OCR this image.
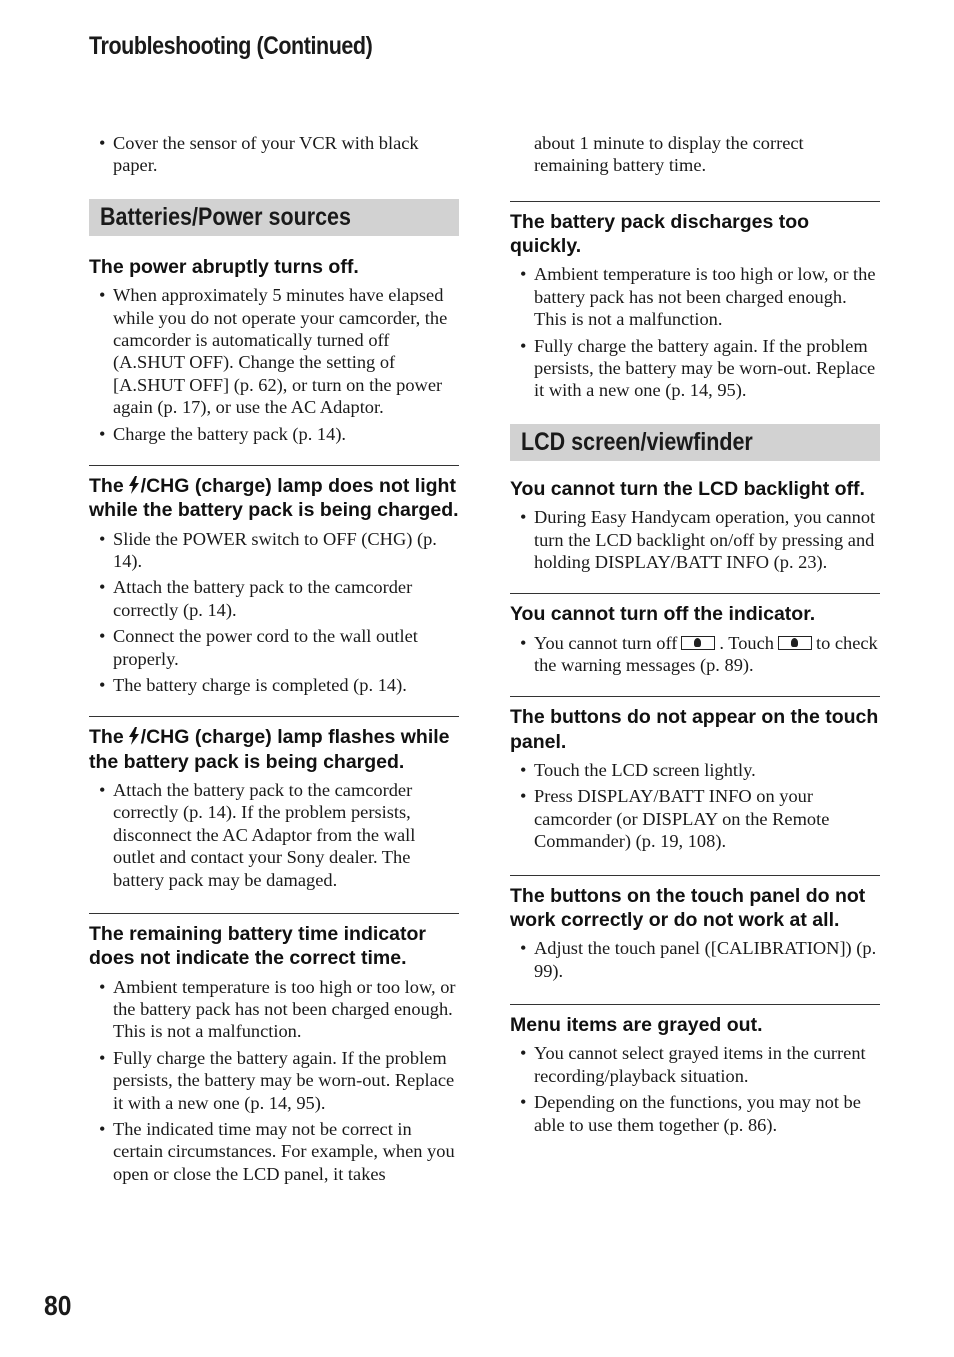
Troubleshooting (Continued)
• Cover the sensor of your VCR with black paper.
Batteries/Power sources
The power abruptly turns off.
• When approximately 5 minutes have elapsed while you do not operate your camcorder, the camcorder is automatically turned off (A.SHUT OFF). Change the setting of [A.SHUT OFF] (p. 62), or turn on the power again (p. 17), or use the AC Adaptor.
• Charge the battery pack (p. 14).
The /CHG (charge) lamp does not light while the battery pack is being charged.
• Slide the POWER switch to OFF (CHG) (p. 14).
• Attach the battery pack to the camcorder correctly (p. 14).
• Connect the power cord to the wall outlet properly.
• The battery charge is completed (p. 14).
The /CHG (charge) lamp flashes while the battery pack is being charged.
• Attach the battery pack to the camcorder correctly (p. 14). If the problem persists, disconnect the AC Adaptor from the wall outlet and contact your Sony dealer. The battery pack may be damaged.
The remaining battery time indicator does not indicate the correct time.
• Ambient temperature is too high or too low, or the battery pack has not been charged enough. This is not a malfunction.
• Fully charge the battery again. If the problem persists, the battery may be worn-out. Replace it with a new one (p. 14, 95).
• The indicated time may not be correct in certain circumstances. For example, when you open or close the LCD panel, it takes
about 1 minute to display the correct remaining battery time.
The battery pack discharges too quickly.
• Ambient temperature is too high or low, or the battery pack has not been charged enough. This is not a malfunction.
• Fully charge the battery again. If the problem persists, the battery may be worn-out. Replace it with a new one (p. 14, 95).
LCD screen/viewfinder
You cannot turn the LCD backlight off.
• During Easy Handycam operation, you cannot turn the LCD backlight on/off by pressing and holding DISPLAY/BATT INFO (p. 23).
You cannot turn off the indicator.
• You cannot turn off . Touch to check the warning messages (p. 89).
The buttons do not appear on the touch panel.
• Touch the LCD screen lightly.
• Press DISPLAY/BATT INFO on your camcorder (or DISPLAY on the Remote Commander) (p. 19, 108).
The buttons on the touch panel do not work correctly or do not work at all.
• Adjust the touch panel ([CALIBRATION]) (p. 99).
Menu items are grayed out.
• You cannot select grayed items in the current recording/playback situation.
• Depending on the functions, you may not be able to use them together (p. 86).
80
